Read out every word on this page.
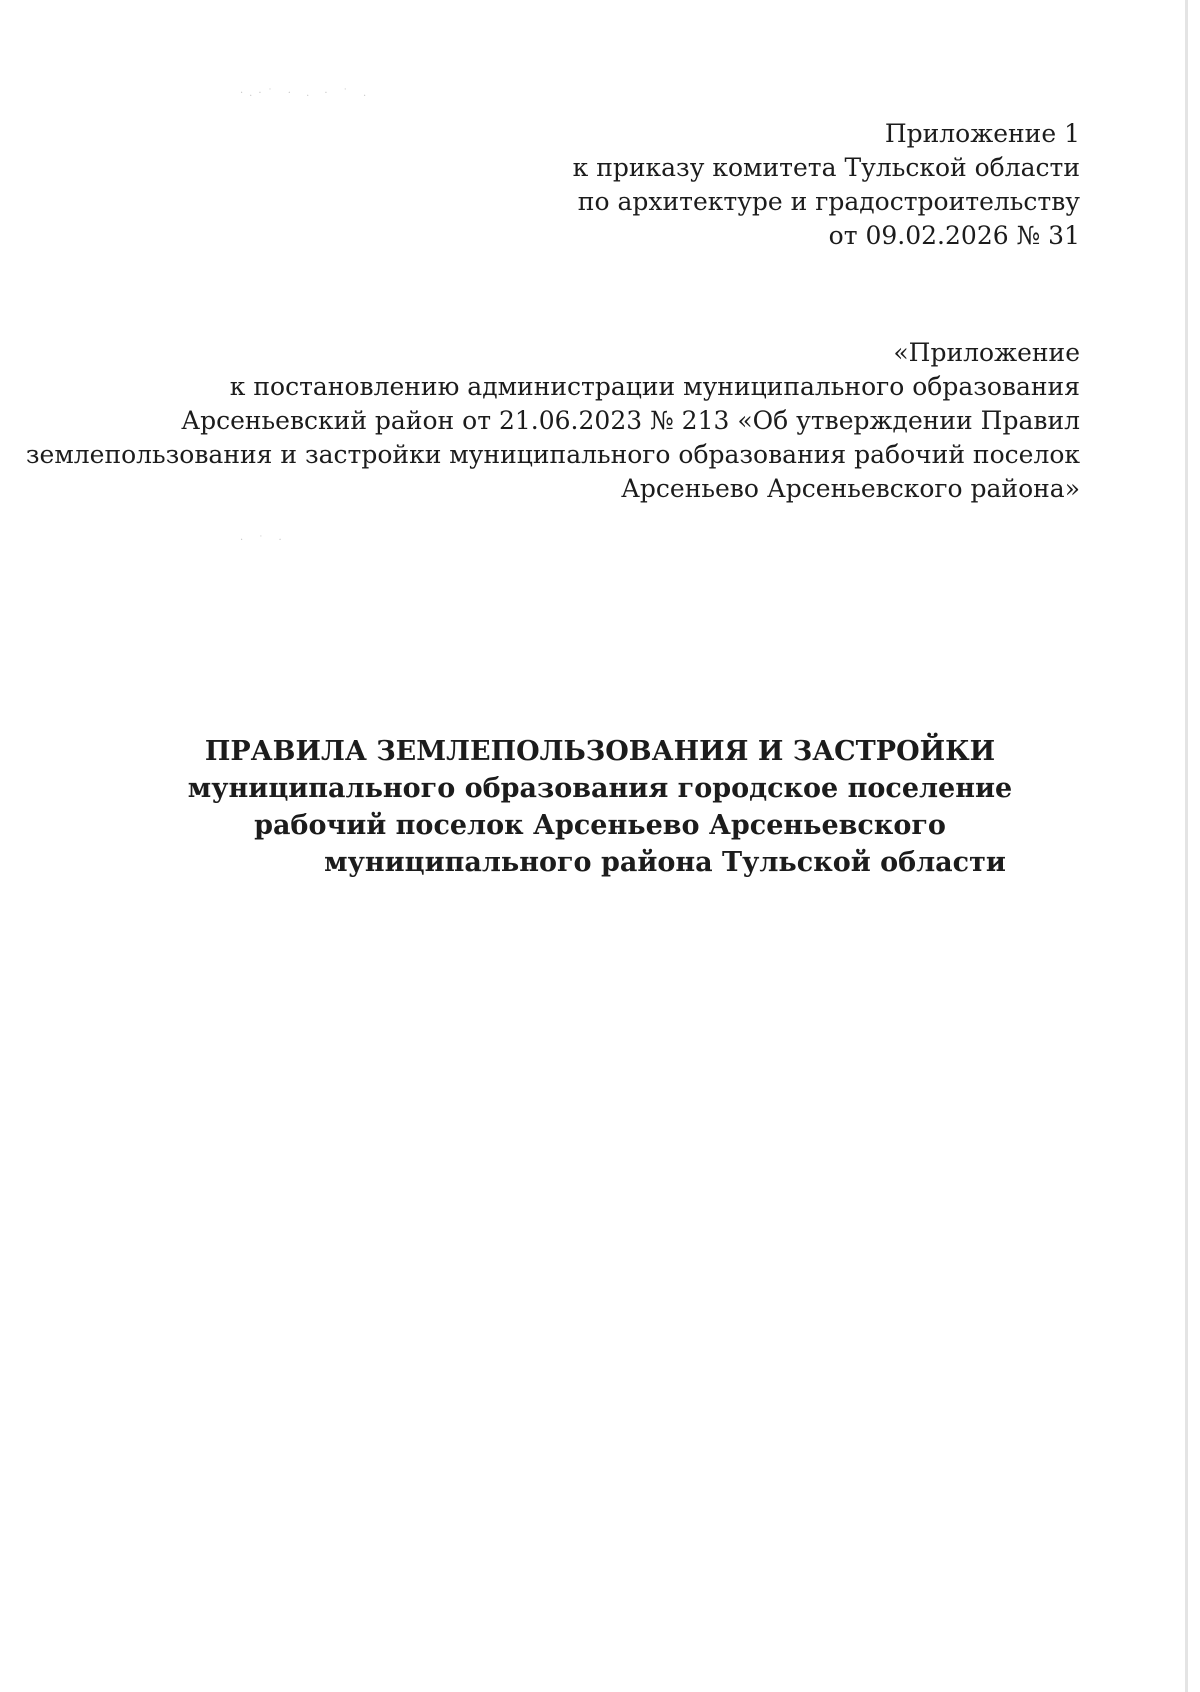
·.·˙ · . · ˙ .
· ˙ ·
Приложение 1
к приказу комитета Тульской области
по архитектуре и градостроительству
от 09.02.2026 № 31
«Приложение
к постановлению администрации муниципального образования
Арсеньевский район от 21.06.2023 № 213 «Об утверждении Правил
землепользования и застройки муниципального образования рабочий поселок
Арсеньево Арсеньевского района»
ПРАВИЛА ЗЕМЛЕПОЛЬЗОВАНИЯ И ЗАСТРОЙКИ
муниципального образования городское поселение
рабочий поселок Арсеньево Арсеньевского
муниципального района Тульской области
